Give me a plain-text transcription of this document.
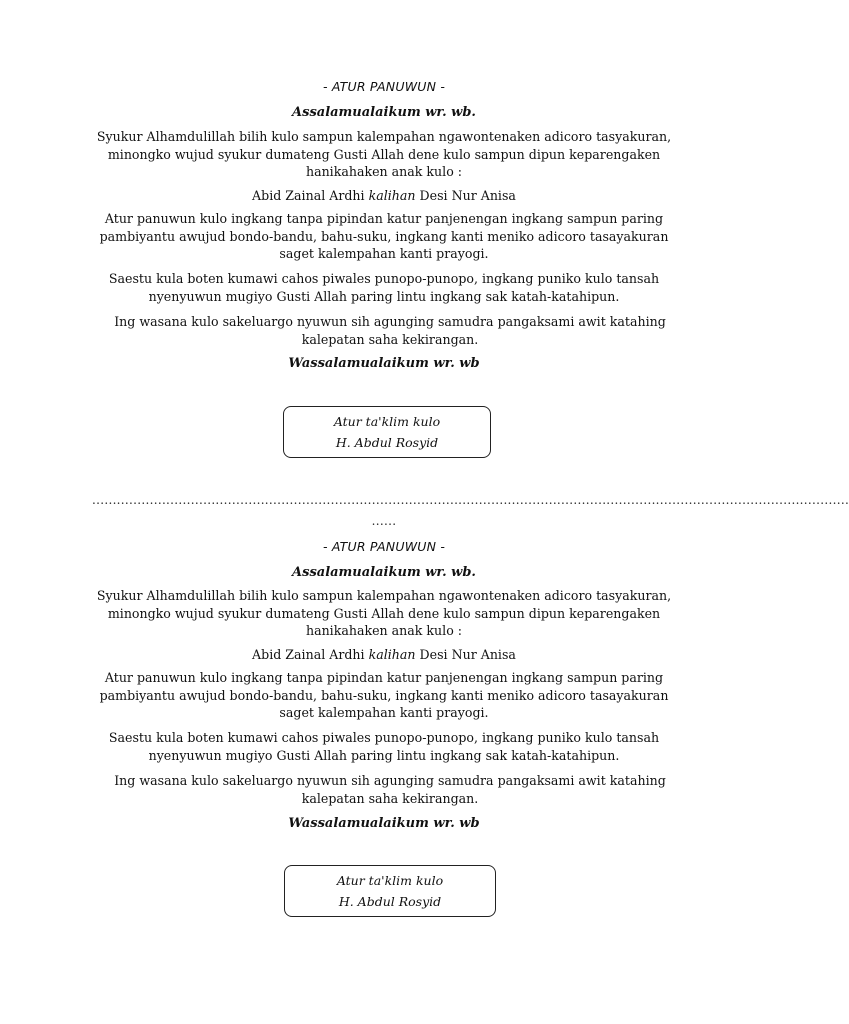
- ATUR PANUWUN -

Assalamualaikum wr. wb.

Syukur Alhamdulillah bilih kulo sampun kalempahan ngawontenaken adicoro tasyakuran, minongko wujud syukur dumateng Gusti Allah dene kulo sampun dipun keparengaken hanikahaken anak kulo :

Abid Zainal Ardhi kalihan Desi Nur Anisa

Atur panuwun kulo ingkang tanpa pipindan katur panjenengan ingkang sampun paring pambiyantu awujud bondo-bandu, bahu-suku, ingkang kanti meniko adicoro tasayakuran saget kalempahan kanti prayogi.

Saestu kula boten kumawi cahos piwales punopo-punopo, ingkang puniko kulo tansah nyenyuwun mugiyo Gusti Allah paring lintu ingkang sak katah-katahipun.

Ing wasana kulo sakeluargo nyuwun sih agunging samudra pangaksami awit katahing kalepatan saha kekirangan.

Wassalamualaikum wr. wb

Atur ta'klim kulo
H. Abdul Rosyid
........................................................................................................................................................................................
......

- ATUR PANUWUN -

Assalamualaikum wr. wb.

Syukur Alhamdulillah bilih kulo sampun kalempahan ngawontenaken adicoro tasyakuran, minongko wujud syukur dumateng Gusti Allah dene kulo sampun dipun keparengaken hanikahaken anak kulo :

Abid Zainal Ardhi kalihan Desi Nur Anisa

Atur panuwun kulo ingkang tanpa pipindan katur panjenengan ingkang sampun paring pambiyantu awujud bondo-bandu, bahu-suku, ingkang kanti meniko adicoro tasayakuran saget kalempahan kanti prayogi.

Saestu kula boten kumawi cahos piwales punopo-punopo, ingkang puniko kulo tansah nyenyuwun mugiyo Gusti Allah paring lintu ingkang sak katah-katahipun.

Ing wasana kulo sakeluargo nyuwun sih agunging samudra pangaksami awit katahing kalepatan saha kekirangan.

Wassalamualaikum wr. wb

Atur ta'klim kulo
H. Abdul Rosyid
